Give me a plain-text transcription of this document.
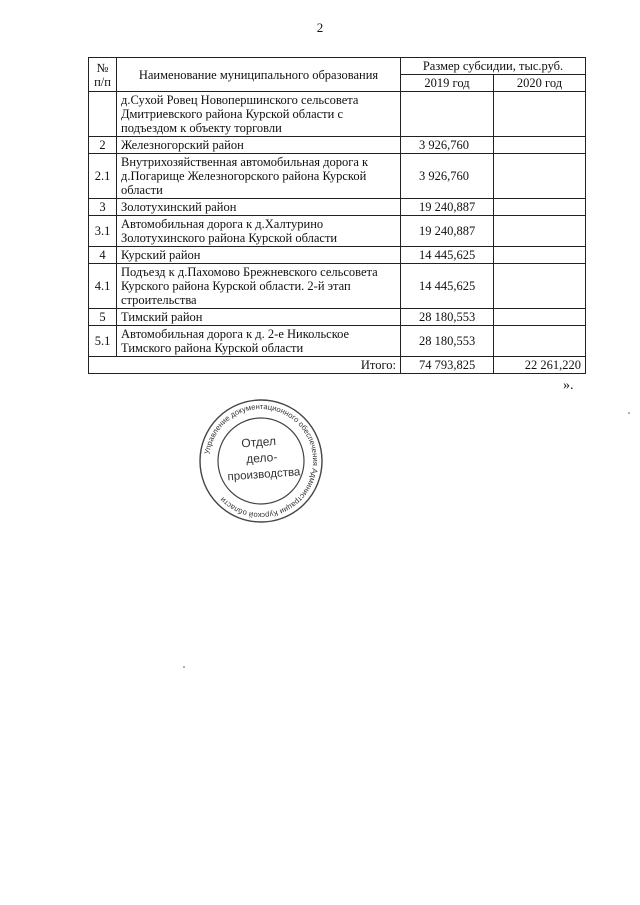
2
№ п/п	Наименование муниципального образования	Размер субсидии, тыс.руб.	
		2019 год	2020 год
	д.Сухой Ровец Новопершинского сельсовета Дмитриевского района Курской области с подъездом к объекту торговли		
2	Железногорский район	3 926,760	
2.1	Внутрихозяйственная автомобильная дорога к д.Погарище Железногорского района Курской области	3 926,760	
3	Золотухинский район	19 240,887	
3.1	Автомобильная дорога к д.Халтурино Золотухинского района Курской области	19 240,887	
4	Курский район	14 445,625	
4.1	Подъезд к д.Пахомово Брежневского сельсовета Курского района Курской области. 2-й этап строительства	14 445,625	
5	Тимский район	28 180,553	
5.1	Автомобильная дорога к д. 2-е Никольское Тимского района Курской области	28 180,553	
Итого:		74 793,825	22 261,220
».
Управление документационного обеспечения Администрации Курской области
Отдел
дело-
производства
